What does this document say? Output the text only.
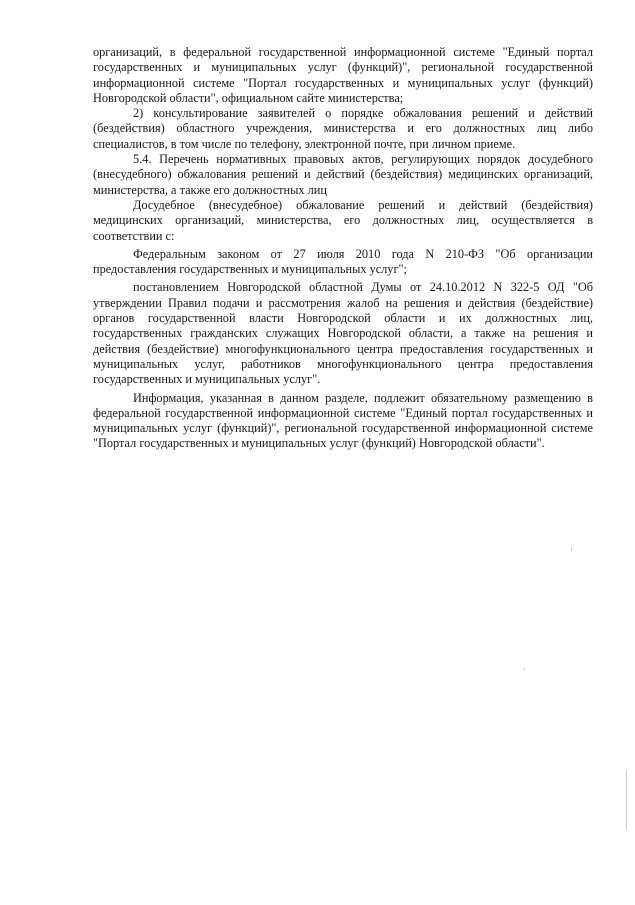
организаций, в федеральной государственной информационной системе "Единый портал государственных и муниципальных услуг (функций)", региональной государственной информационной системе "Портал государственных и муниципальных услуг (функций) Новгородской области", официальном сайте министерства;

2) консультирование заявителей о порядке обжалования решений и действий (бездействия) областного учреждения, министерства и его должностных лиц либо специалистов, в том числе по телефону, электронной почте, при личном приеме.

5.4. Перечень нормативных правовых актов, регулирующих порядок досудебного (внесудебного) обжалования решений и действий (бездействия) медицинских организаций, министерства, а также его должностных лиц

Досудебное (внесудебное) обжалование решений и действий (бездействия) медицинских организаций, министерства, его должностных лиц, осуществляется в соответствии с:

Федеральным законом от 27 июля 2010 года N 210-ФЗ "Об организации предоставления государственных и муниципальных услуг";

постановлением Новгородской областной Думы от 24.10.2012 N 322-5 ОД "Об утверждении Правил подачи и рассмотрения жалоб на решения и действия (бездействие) органов государственной власти Новгородской области и их должностных лиц, государственных гражданских служащих Новгородской области, а также на решения и действия (бездействие) многофункционального центра предоставления государственных и муниципальных услуг, работников многофункционального центра предоставления государственных и муниципальных услуг".

Информация, указанная в данном разделе, подлежит обязательному размещению в федеральной государственной информационной системе "Единый портал государственных и муниципальных услуг (функций)", региональной государственной информационной системе "Портал государственных и муниципальных услуг (функций) Новгородской области".
